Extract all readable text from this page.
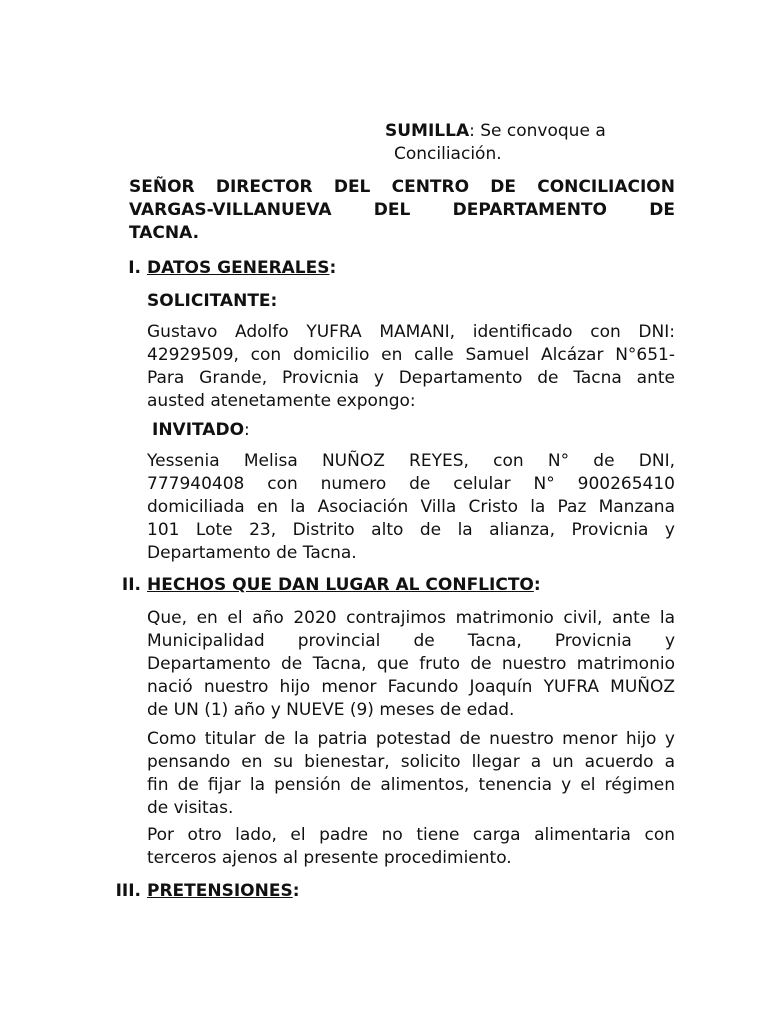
SUMILLA: Se convoque a
Conciliación.
SEÑOR DIRECTOR DEL CENTRO DE CONCILIACION
VARGAS-VILLANUEVA DEL DEPARTAMENTO DE
TACNA.
I. DATOS GENERALES:
SOLICITANTE:
Gustavo Adolfo YUFRA MAMANI, identificado con DNI:
42929509, con domicilio en calle Samuel Alcázar N°651-
Para Grande, Provicnia y Departamento de Tacna ante
austed atenetamente expongo:
INVITADO:
Yessenia Melisa NUÑOZ REYES, con N° de DNI,
777940408 con numero de celular N° 900265410
domiciliada en la Asociación Villa Cristo la Paz Manzana
101 Lote 23, Distrito alto de la alianza, Provicnia y
Departamento de Tacna.
II. HECHOS QUE DAN LUGAR AL CONFLICTO:
Que, en el año 2020 contrajimos matrimonio civil, ante la
Municipalidad provincial de Tacna, Provicnia y
Departamento de Tacna, que fruto de nuestro matrimonio
nació nuestro hijo menor Facundo Joaquín YUFRA MUÑOZ
de UN (1) año y NUEVE (9) meses de edad.
Como titular de la patria potestad de nuestro menor hijo y
pensando en su bienestar, solicito llegar a un acuerdo a
fin de fijar la pensión de alimentos, tenencia y el régimen
de visitas.
Por otro lado, el padre no tiene carga alimentaria con
terceros ajenos al presente procedimiento.
III. PRETENSIONES:
